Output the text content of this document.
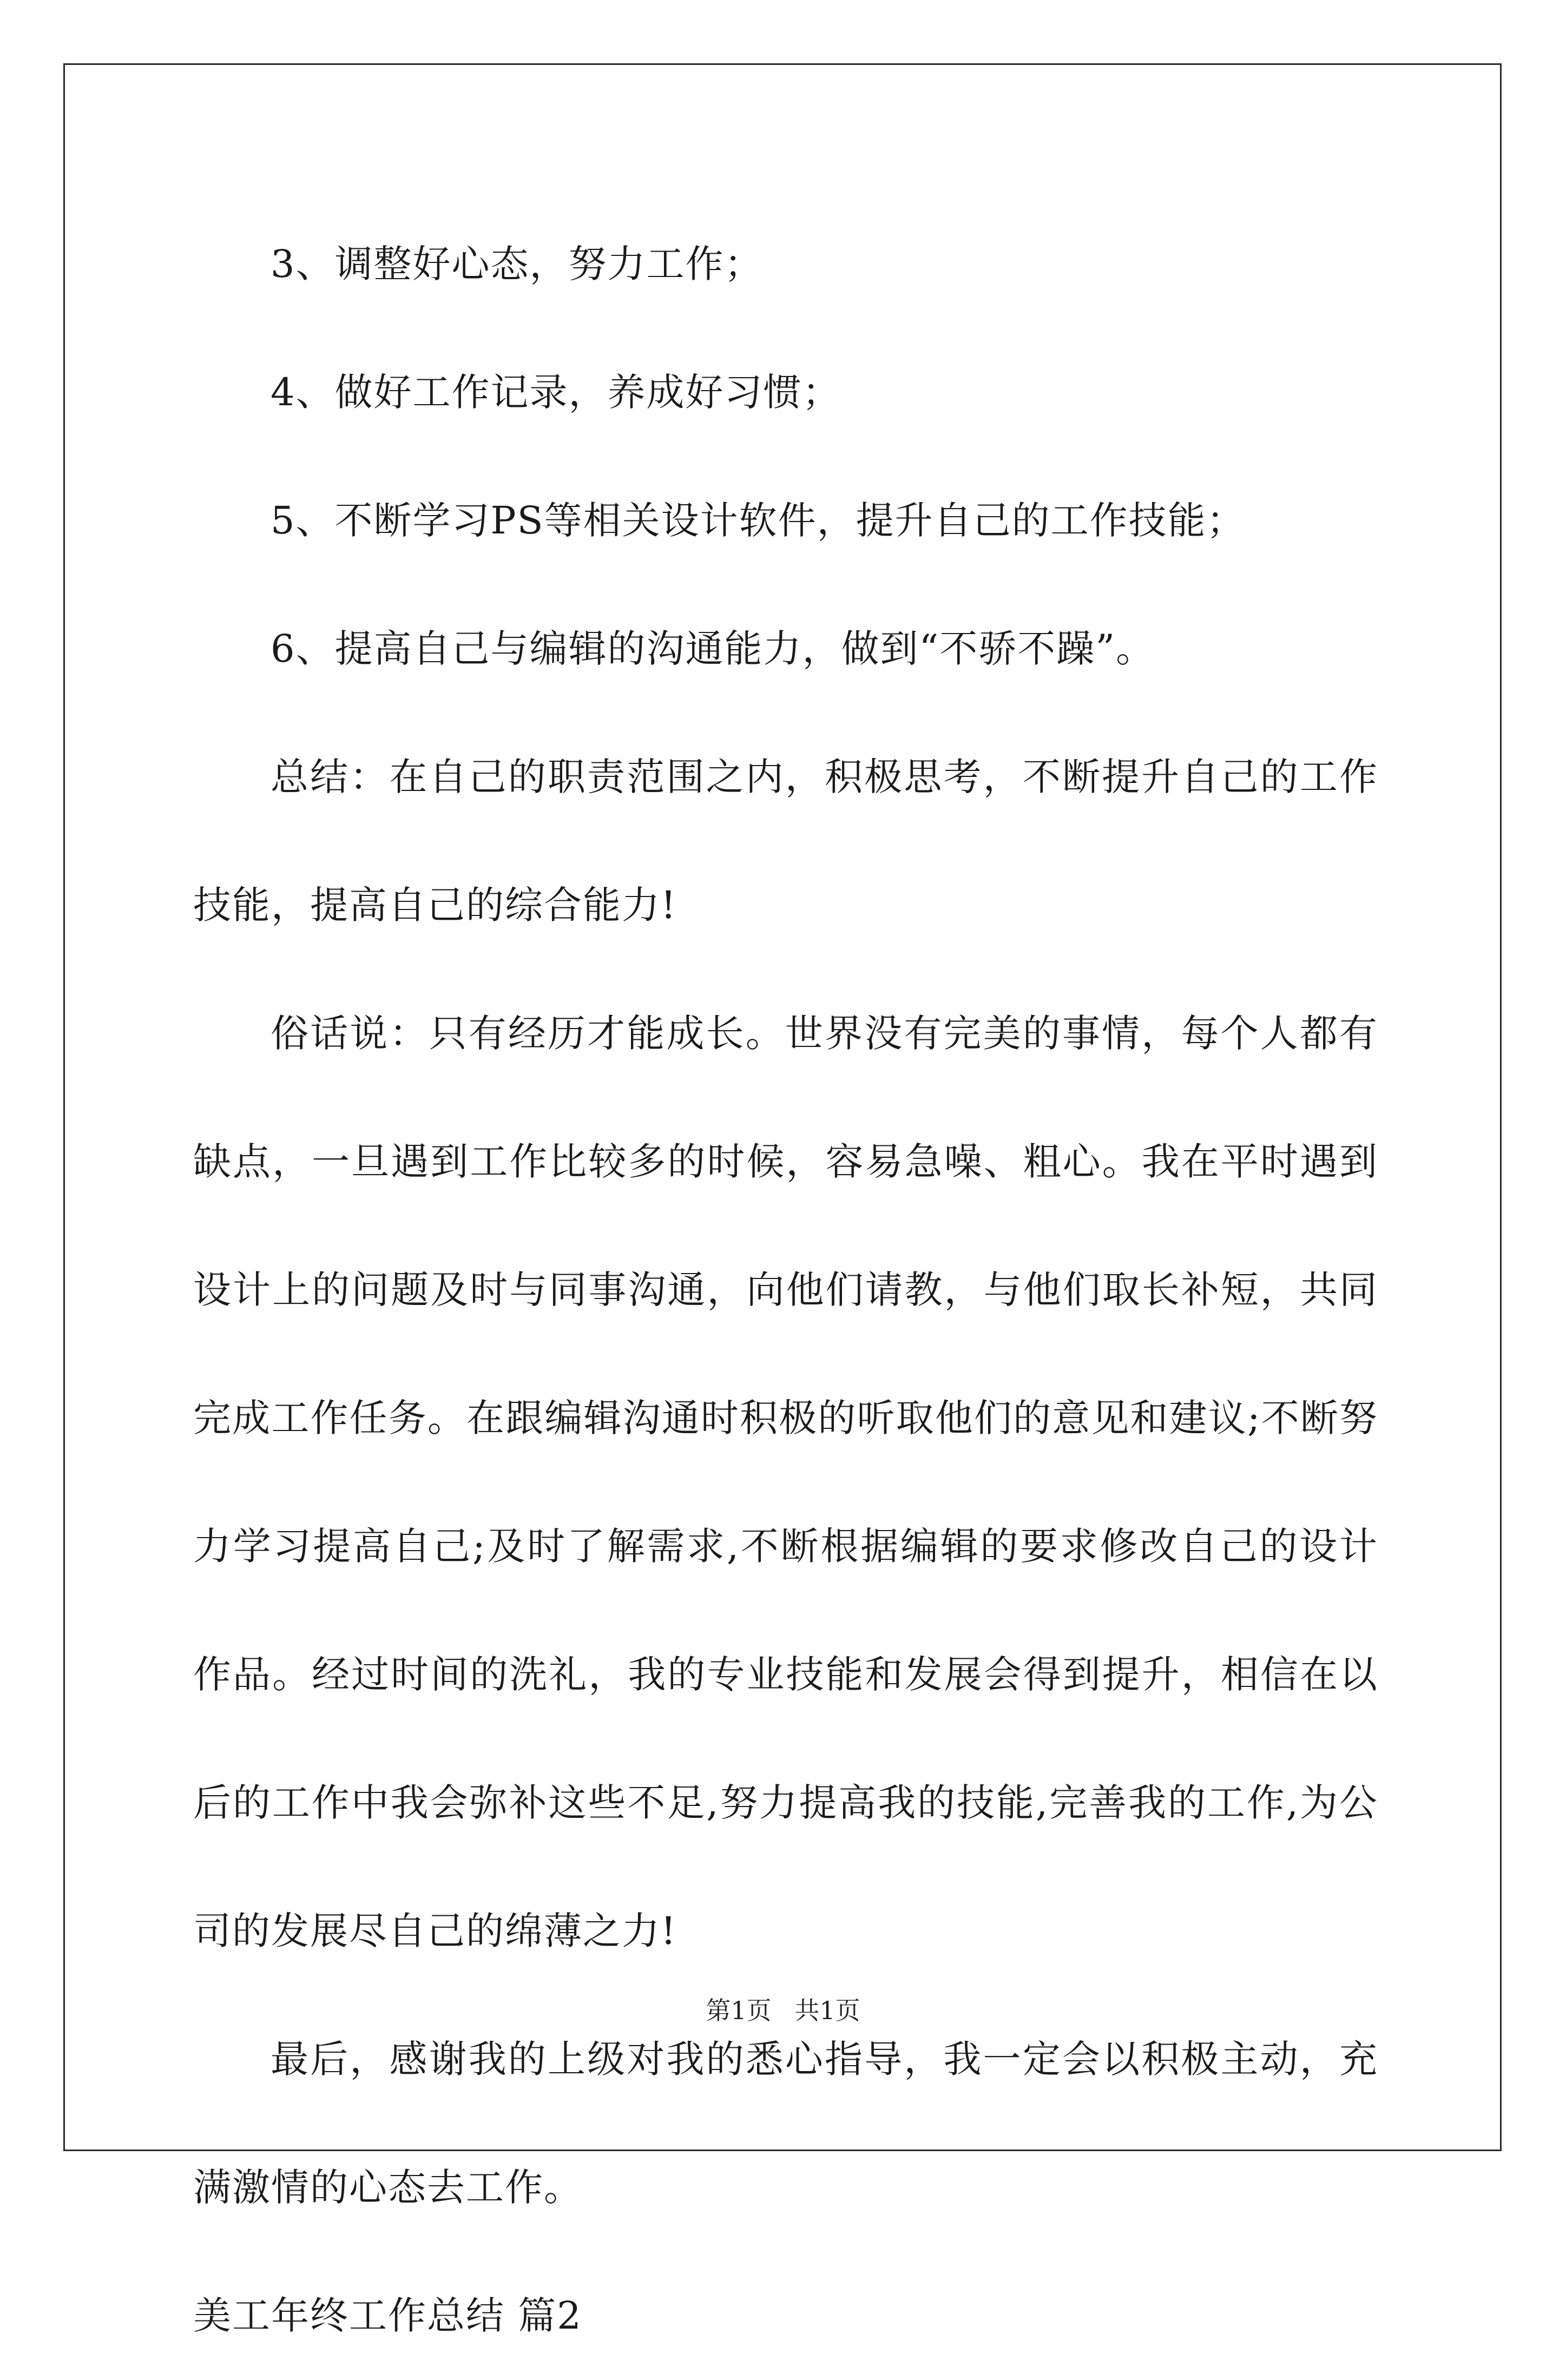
3、调整好心态，努力工作；

4、做好工作记录，养成好习惯；

5、不断学习PS等相关设计软件，提升自己的工作技能；

6、提高自己与编辑的沟通能力，做到“不骄不躁”。

总结：在自己的职责范围之内，积极思考，不断提升自己的工作技能，提高自己的综合能力!

俗话说：只有经历才能成长。世界没有完美的事情，每个人都有缺点，一旦遇到工作比较多的时候，容易急噪、粗心。我在平时遇到设计上的问题及时与同事沟通，向他们请教，与他们取长补短，共同完成工作任务。在跟编辑沟通时积极的听取他们的意见和建议;不断努力学习提高自己;及时了解需求,不断根据编辑的要求修改自己的设计作品。经过时间的洗礼，我的专业技能和发展会得到提升，相信在以后的工作中我会弥补这些不足,努力提高我的技能,完善我的工作,为公司的发展尽自己的绵薄之力!

最后，感谢我的上级对我的悉心指导，我一定会以积极主动，充满激情的心态去工作。

美工年终工作总结 篇2

第1页 共1页
